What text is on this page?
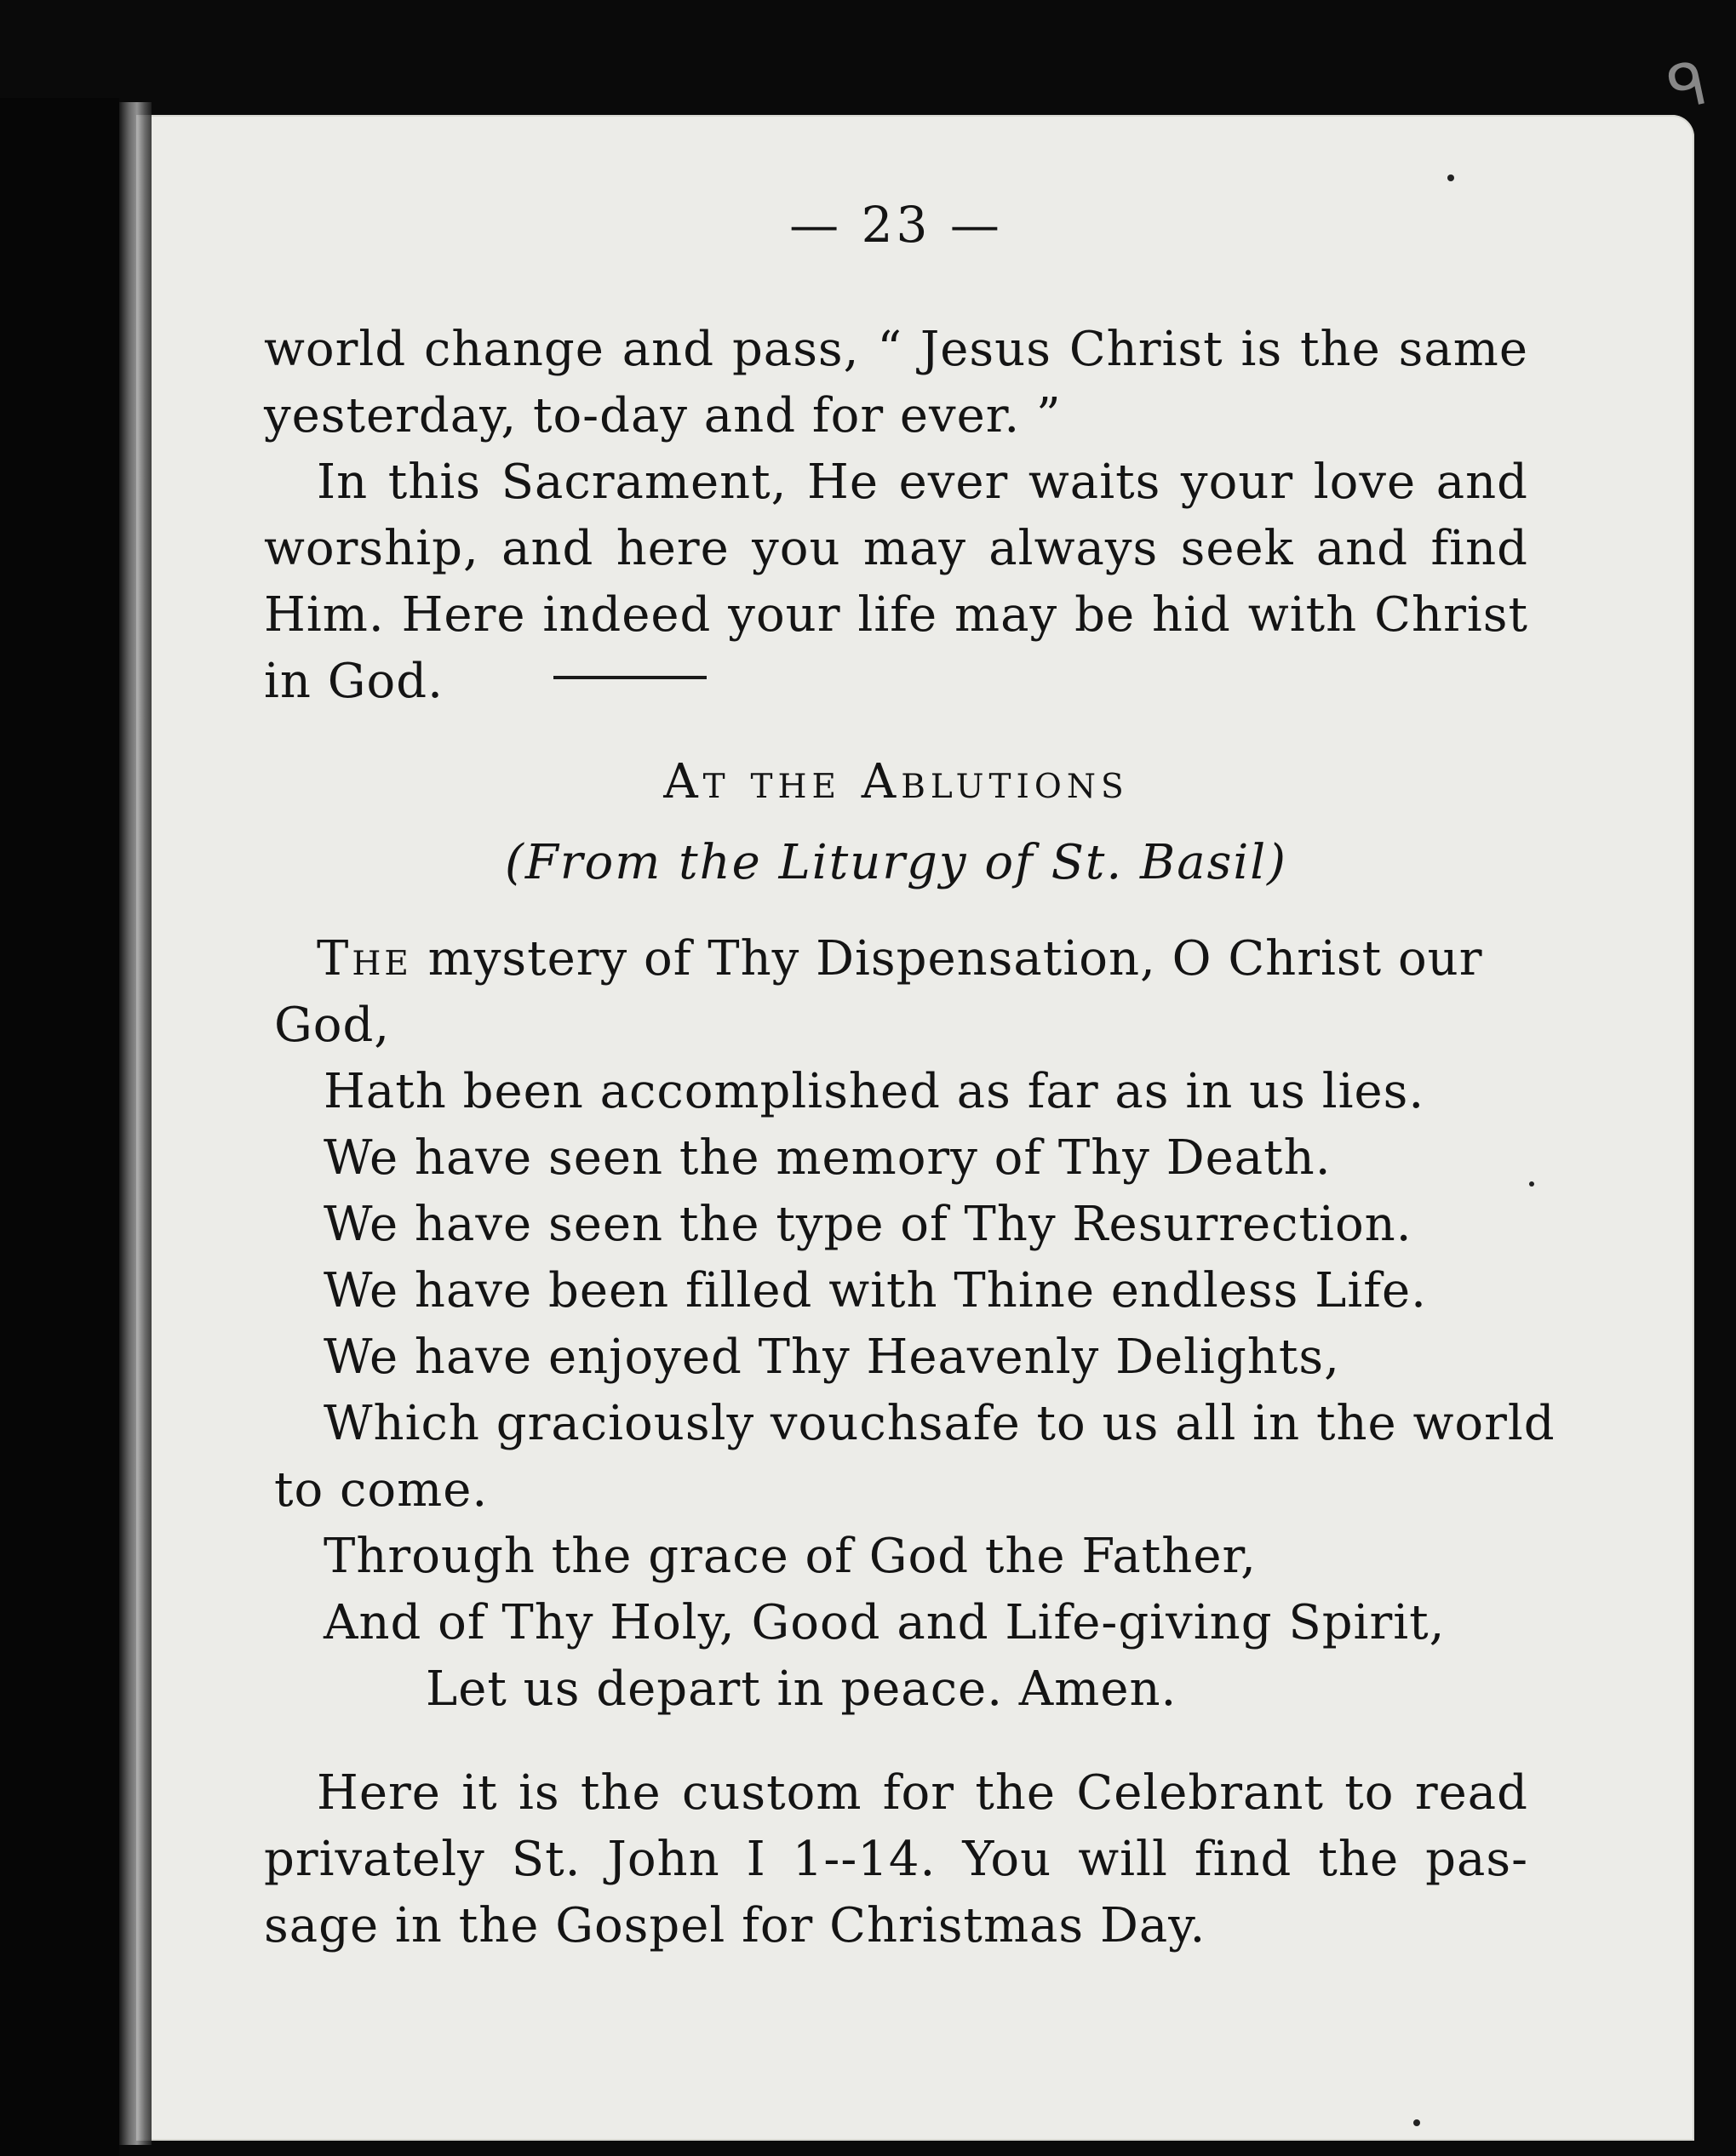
ᑫ
— 23 —

world change and pass, “ Jesus Christ is the same
yesterday, to-day and for ever. ”

In this Sacrament, He ever waits your love and
worship, and here you may always seek and find
Him. Here indeed your life may be hid with Christ
in God.

At the Ablutions
(From the Liturgy of St. Basil)
The mystery of Thy Dispensation, O Christ our
God,
Hath been accomplished as far as in us lies.
We have seen the memory of Thy Death.
We have seen the type of Thy Resurrection.
We have been filled with Thine endless Life.
We have enjoyed Thy Heavenly Delights,
Which graciously vouchsafe to us all in the world
to come.
Through the grace of God the Father,
And of Thy Holy, Good and Life-giving Spirit,
Let us depart in peace. Amen.

Here it is the custom for the Celebrant to read
privately St. John I 1--14. You will find the pas-
sage in the Gospel for Christmas Day.
